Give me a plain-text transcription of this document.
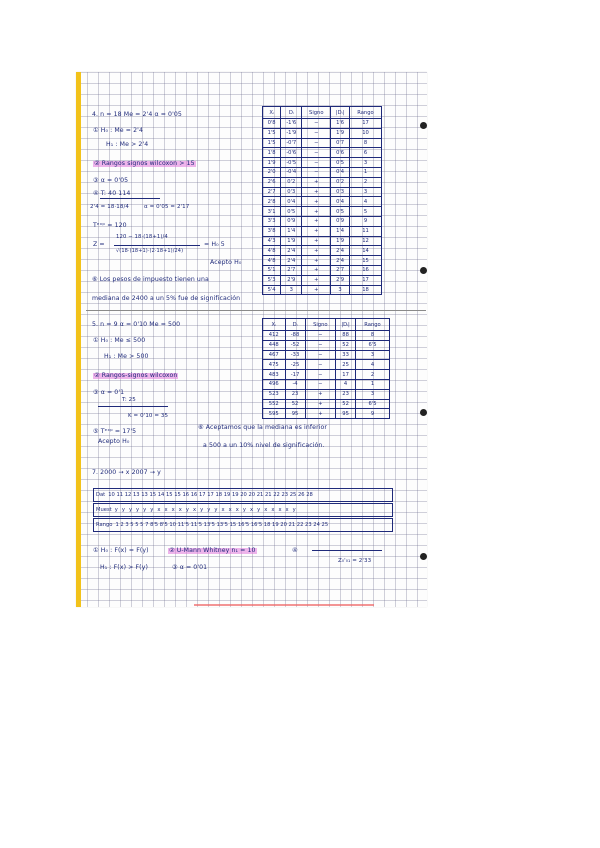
4. n = 18 Me = 2'4 α = 0'05
① H₀ : Me = 2'4
H₁ : Me > 2'4
② Rangos signos wilcoxon > 15
③ α = 0'05
④ T: 40 114
2'4 = 18·18/4	α = 0'05 = 2'17
Tᵉˣᵖ = 120
Z =
120 − 18·(18+1)/4
√(18·(18+1)·(2·18+1)/24)
= H₀ 5
Acepto H₀
⑥ Los pesos de impuesto tienen una
mediana de 2400 a un 5% fue de significación
Xᵢ	Dᵢ	Signo	|Dᵢ|	Rango
0'8	-1'6	−	1'6	17
1'5	-1'9	−	1'9	10
1'5	-0'7	−	0'7	8
1'8	-0'6	−	0'6	6
1'9	-0'5	−	0'5	3
2'0	-0'4	−	0'4	1
2'6	0'2	+	0'2	2
2'7	0'3	+	0'3	3
2'8	0'4	+	0'4	4
3'1	0'5	+	0'5	5
3'3	0'9	+	0'9	9
3'8	1'4	+	1'4	11
4'3	1'9	+	1'9	12
4'8	2'4	+	2'4	14
4'8	2'4	+	2'4	15
5'1	2'7	+	2'7	16
5'3	2'9	+	2'9	17
5'4	3	+	3	18
5. n = 9 α = 0'10 Me = 500
① H₀ : Me ≤ 500
H₁ : Me > 500
② Rangos-signos wilcoxon
③ α = 0'1
T: 25
K = 0'10 = 35
⑤ Tᵉˣᵖ = 17'5
Acepto H₀
⑥ Aceptamos que la mediana es inferior
a 500 a un 10% nivel de significación.
Xᵢ	Dᵢ	Signo	|Dᵢ|	Rango
412	-88	−	88	8
448	-52	−	52	6'5
467	-33	−	33	3
475	-25	−	25	4
483	-17	−	17	2
496	-4	−	4	1
523	23	+	23	3
552	52	+	52	6'5
595	95	+	95	9
7. 2000 → x 2007 → y
Dat 10 11 12 13 13 15 14 15 15 16 16 17 17 18 19 19 20 20 21 21 22 23 25 26 28
Muest y y y y y y x x x x y x y y y x x x y x y x x x x y
Rango 1 2 3 5 5 5 7 8'5 8'5 10 11'5 11'5 13'5 13'5 15 16'5 16'5 18 19 20 21 22 23 24 25
① H₀ : F(x) = F(y)
H₁ : F(x) > F(y)
② U-Mann Whitney n₁ = 10
③ α = 0'01
④
Z₀'₀₁ = 2'33
